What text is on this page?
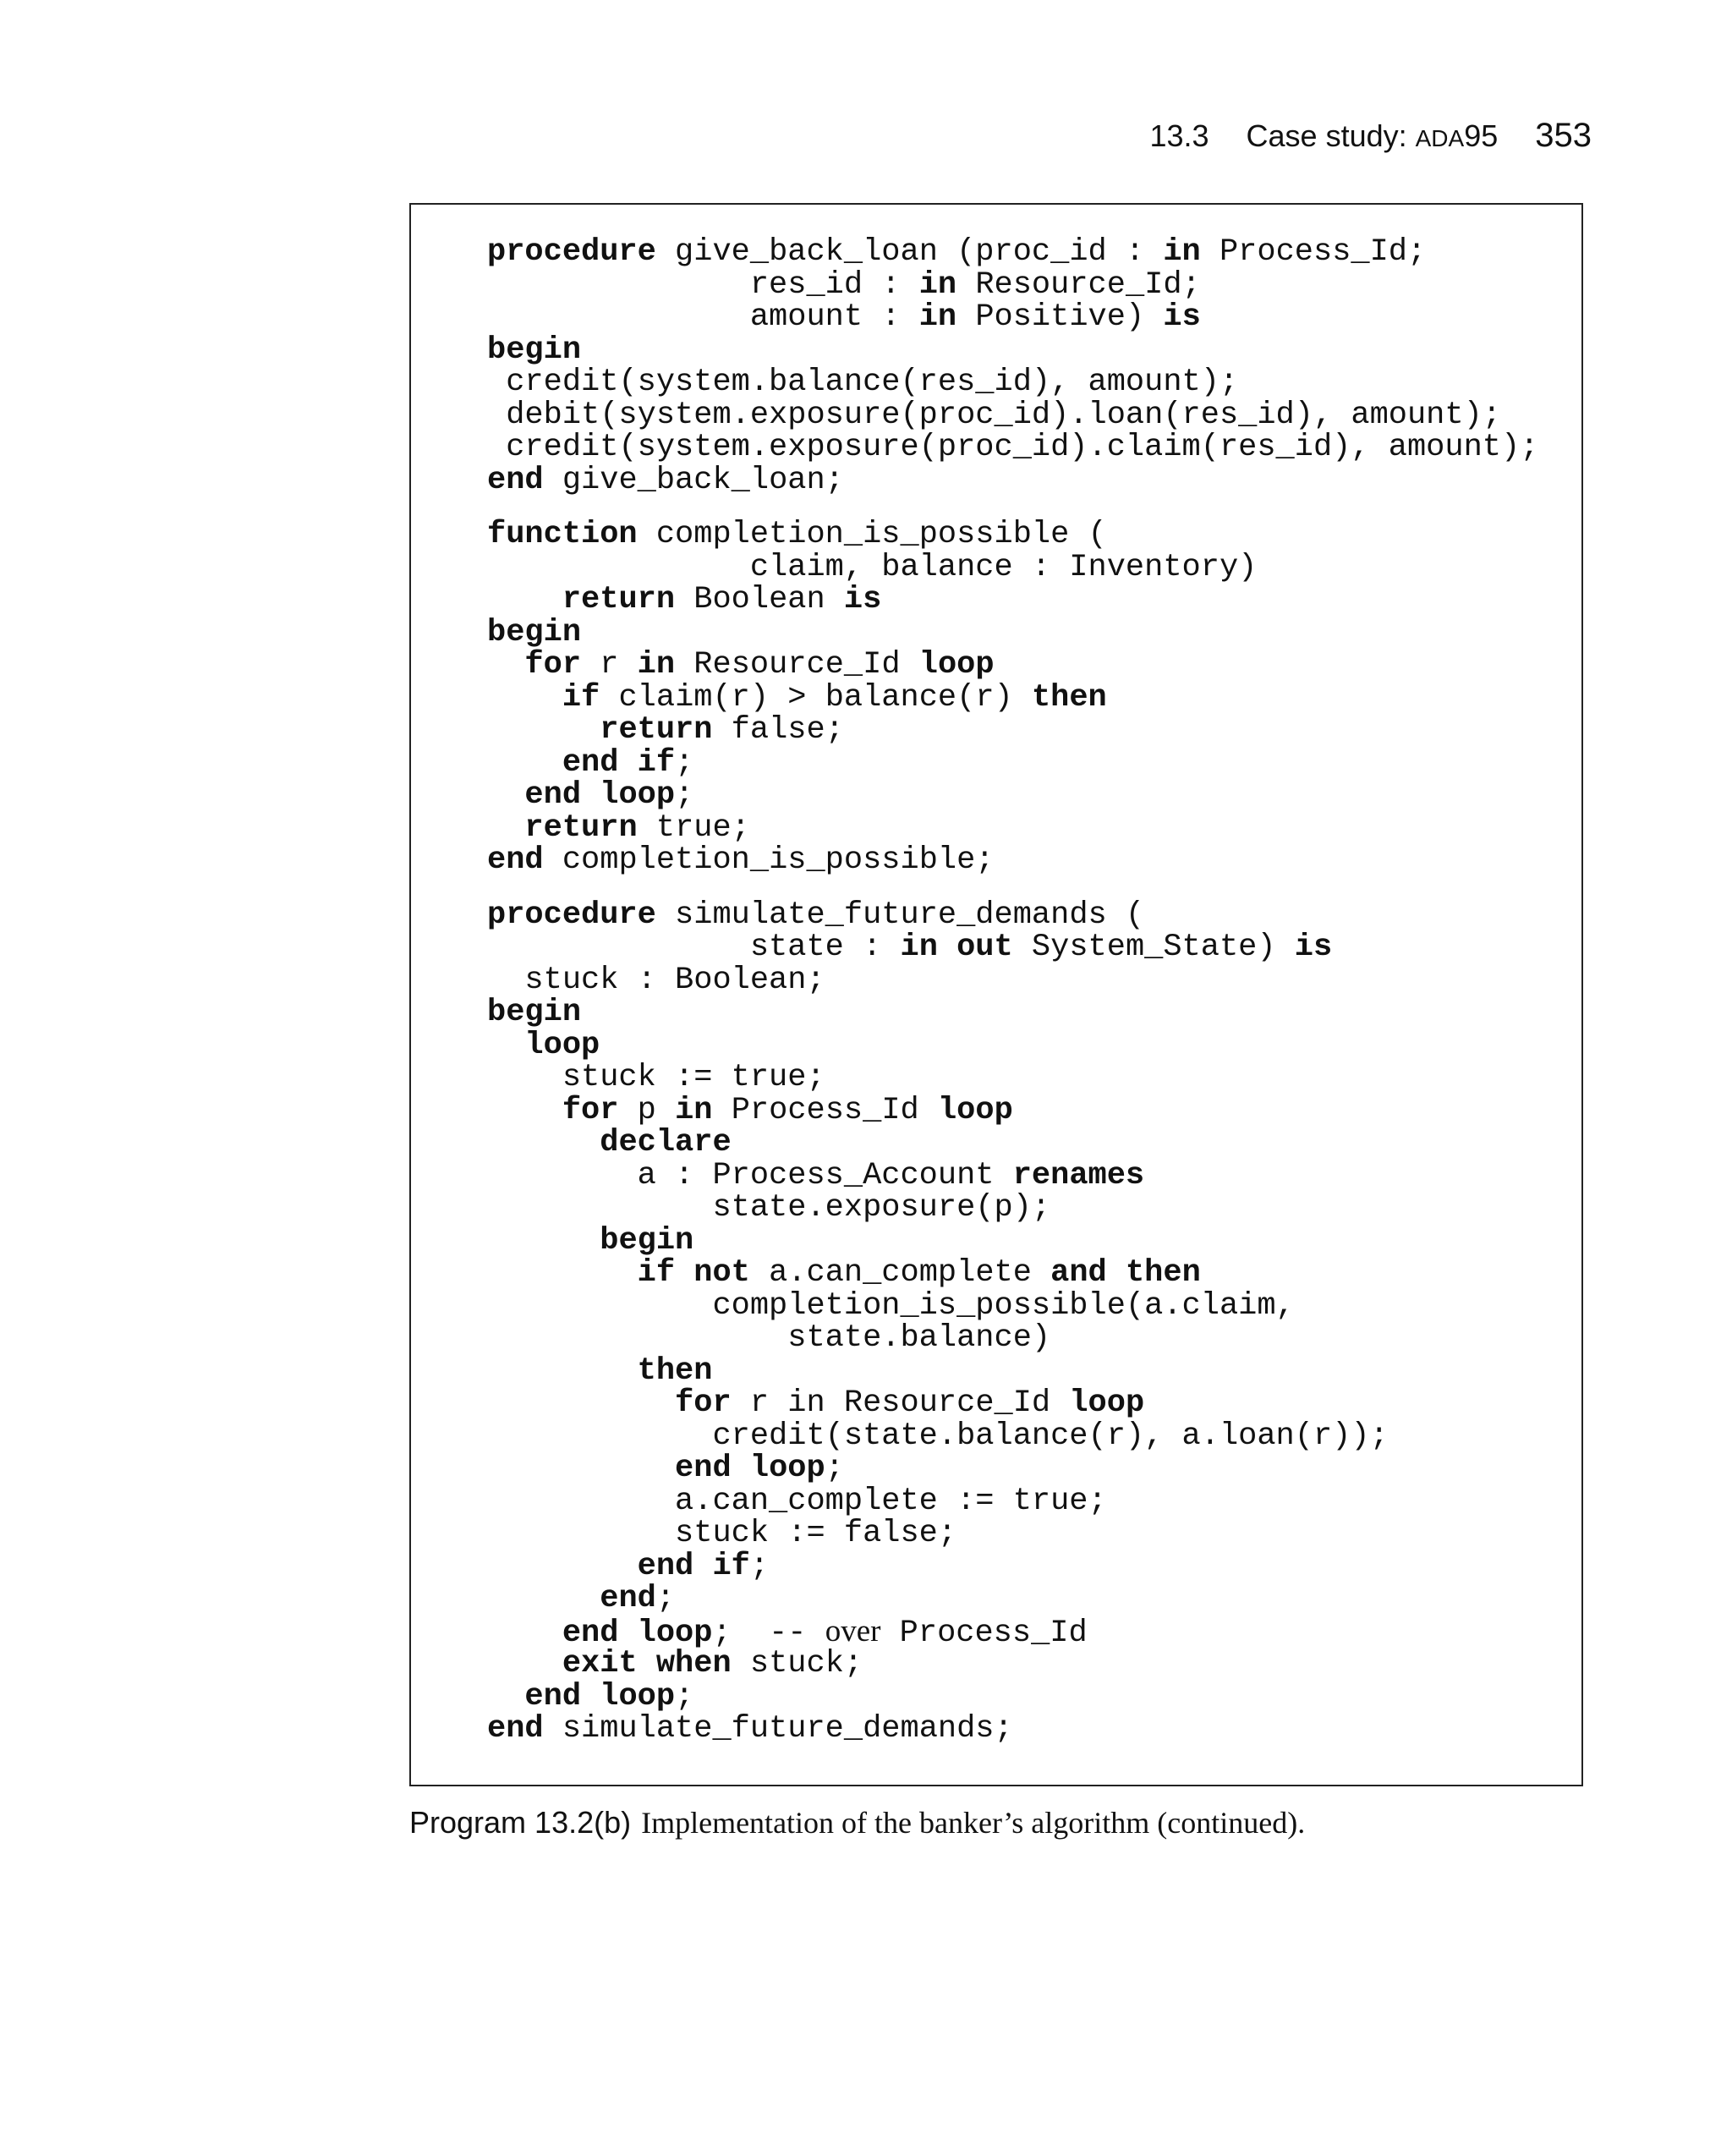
13.3 Case study: ADA95 353
procedure give_back_loan (proc_id : in Process_Id;
res_id : in Resource_Id;
amount : in Positive) is
begin
credit(system.balance(res_id), amount);
debit(system.exposure(proc_id).loan(res_id), amount);
credit(system.exposure(proc_id).claim(res_id), amount);
end give_back_loan;
function completion_is_possible (
claim, balance : Inventory)
return Boolean is
begin
for r in Resource_Id loop
if claim(r) > balance(r) then
return false;
end if;
end loop;
return true;
end completion_is_possible;
procedure simulate_future_demands (
state : in out System_State) is
stuck : Boolean;
begin
loop
stuck := true;
for p in Process_Id loop
declare
a : Process_Account renames
state.exposure(p);
begin
if not a.can_complete and then
completion_is_possible(a.claim,
state.balance)
then
for r in Resource_Id loop
credit(state.balance(r), a.loan(r));
end loop;
a.can_complete := true;
stuck := false;
end if;
end;
end loop;  -- over Process_Id
exit when stuck;
end loop;
end simulate_future_demands;
Program 13.2(b) Implementation of the banker’s algorithm (continued).
